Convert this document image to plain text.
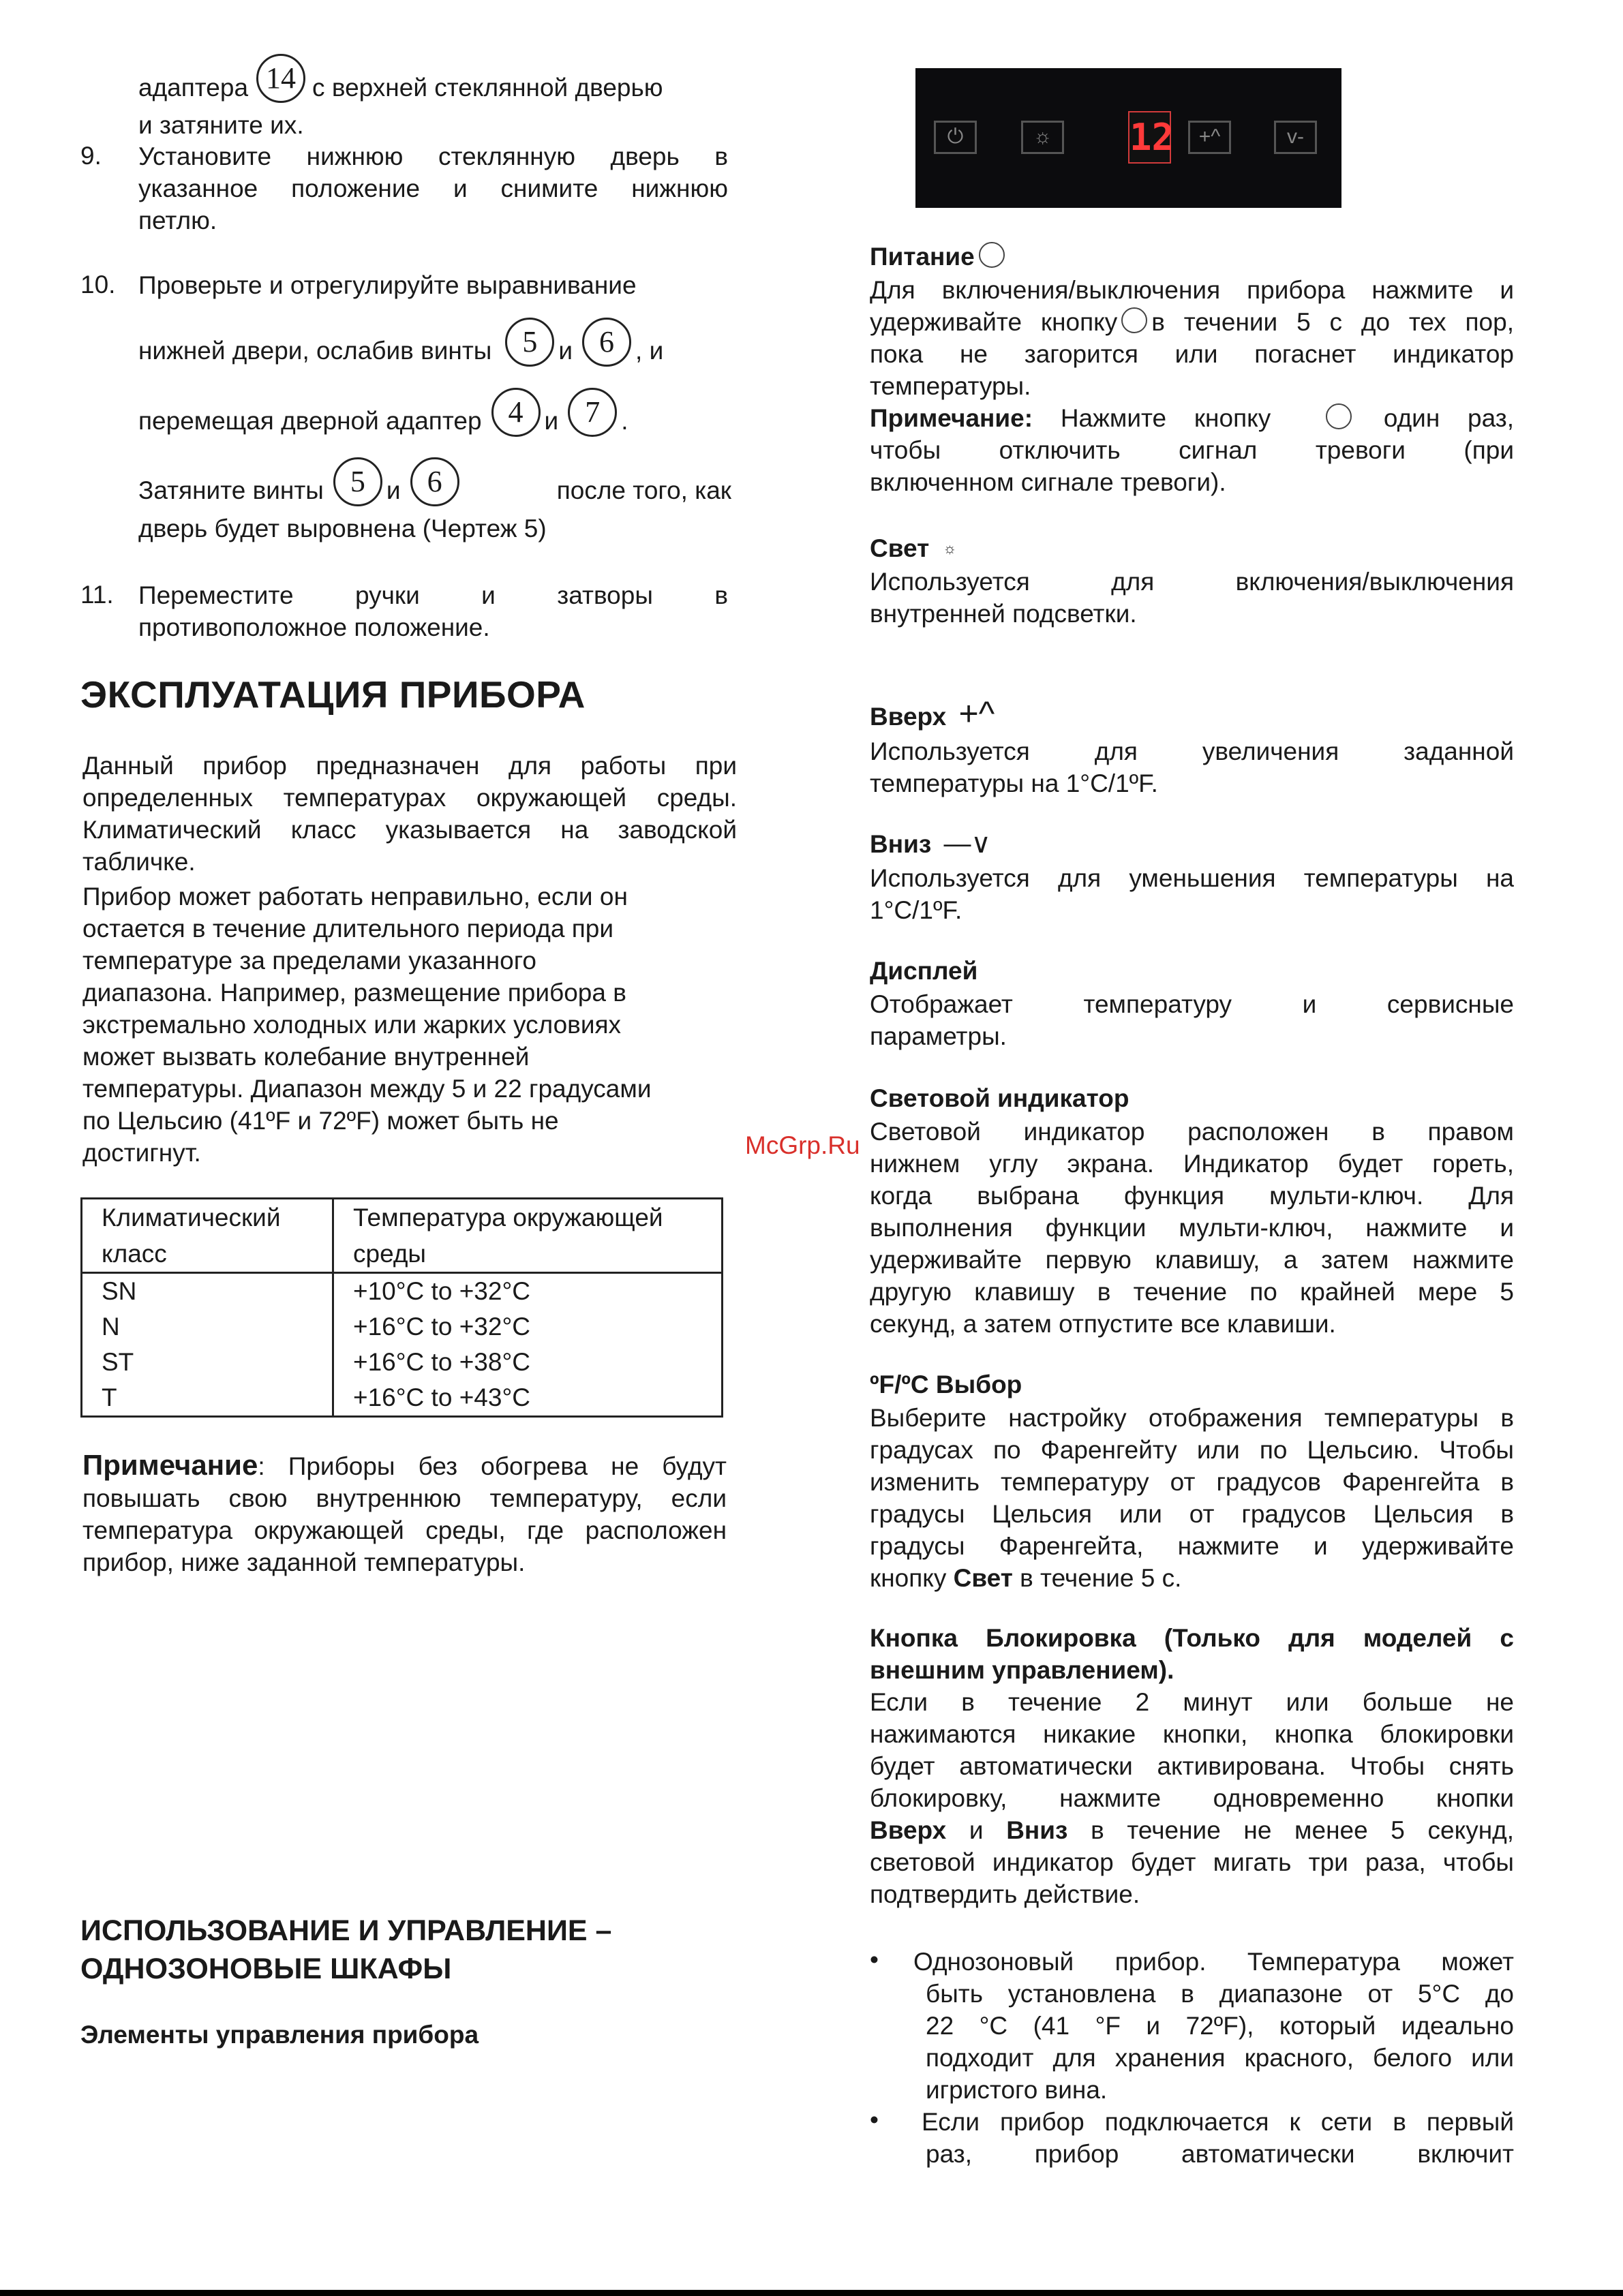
адаптера 14 с верхней стеклянной дверью
и затяните их.
9. Установите нижнюю стеклянную дверь в
указанное положение и снимите нижнюю
петлю.
10. Проверьте и отрегулируйте выравнивание
нижней двери, ослабив винты 5 и 6 , и
перемещая дверной адаптер 4 и 7 .
Затяните винты 5 и 6	после того, как
дверь будет выровнена (Чертеж 5)
11. Переместите ручки и затворы в
противоположное положение.
ЭКСПЛУАТАЦИЯ ПРИБОРА
Данный прибор предназначен для работы при
определенных температурах окружающей среды.
Климатический класс указывается на заводской
табличке.
Прибор может работать неправильно, если он
остается в течение длительного периода при
температуре за пределами указанного
диапазона. Например, размещение прибора в
экстремально холодных или жарких условиях
может вызвать колебание внутренней
температуры. Диапазон между 5 и 22 градусами
по Цельсию (41ºF и 72ºF) может быть не
достигнут.
Климатический класс	Температура окружающей среды
SN	+10°C to +32°C
N	+16°C to +32°C
ST	+16°C to +38°C
T	+16°C to +43°C
Примечание: Приборы без обогрева не будут
повышать свою внутреннюю температуру, если
температура окружающей среды, где расположен
прибор, ниже заданной температуры.
ИСПОЛЬЗОВАНИЕ И УПРАВЛЕНИЕ –
ОДНОЗОНОВЫЕ ШКАФЫ
Элементы управления прибора
⏻	☼	+^	v-
12
Питание
Для включения/выключения прибора нажмите и
удерживайте кнопку в течении 5 с до тех пор,
пока не загорится или погаснет индикатор
температуры.
Примечание: Нажмите кнопку	один раз,
чтобы отключить сигнал тревоги (при
включенном сигнале тревоги).
Свет ☼
Используется для включения/выключения
внутренней подсветки.
Вверх +^
Используется для увеличения заданной
температуры на 1°C/1ºF.
Вниз —∨
Используется для уменьшения температуры на
1°C/1ºF.
Дисплей
Отображает температуру и сервисные
параметры.
Световой индикатор
Световой индикатор расположен в правом
нижнем углу экрана. Индикатор будет гореть,
когда выбрана функция мульти-ключ. Для
выполнения функции мульти-ключ, нажмите и
удерживайте первую клавишу, а затем нажмите
другую клавишу в течение по крайней мере 5
секунд, а затем отпустите все клавиши.
ºF/ºC Выбор
Выберите настройку отображения температуры в
градусах по Фаренгейту или по Цельсию. Чтобы
изменить температуру от градусов Фаренгейта в
градусы Цельсия или от градусов Цельсия в
градусы Фаренгейта, нажмите и удерживайте
кнопку Свет в течение 5 с.
Кнопка Блокировка (Только для моделей с
внешним управлением).
Если в течение 2 минут или больше не
нажимаются никакие кнопки, кнопка блокировки
будет автоматически активирована. Чтобы снять
блокировку, нажмите одновременно кнопки
Вверх и Вниз в течение не менее 5 секунд,
световой индикатор будет мигать три раза, чтобы
подтвердить действие.
• Однозоновый прибор. Температура может
быть установлена в диапазоне от 5°C до
22 °C (41 °F и 72ºF), который идеально
подходит для хранения красного, белого или
игристого вина.
• Если прибор подключается к сети в первый
раз, прибор автоматически включит
McGrp.Ru
